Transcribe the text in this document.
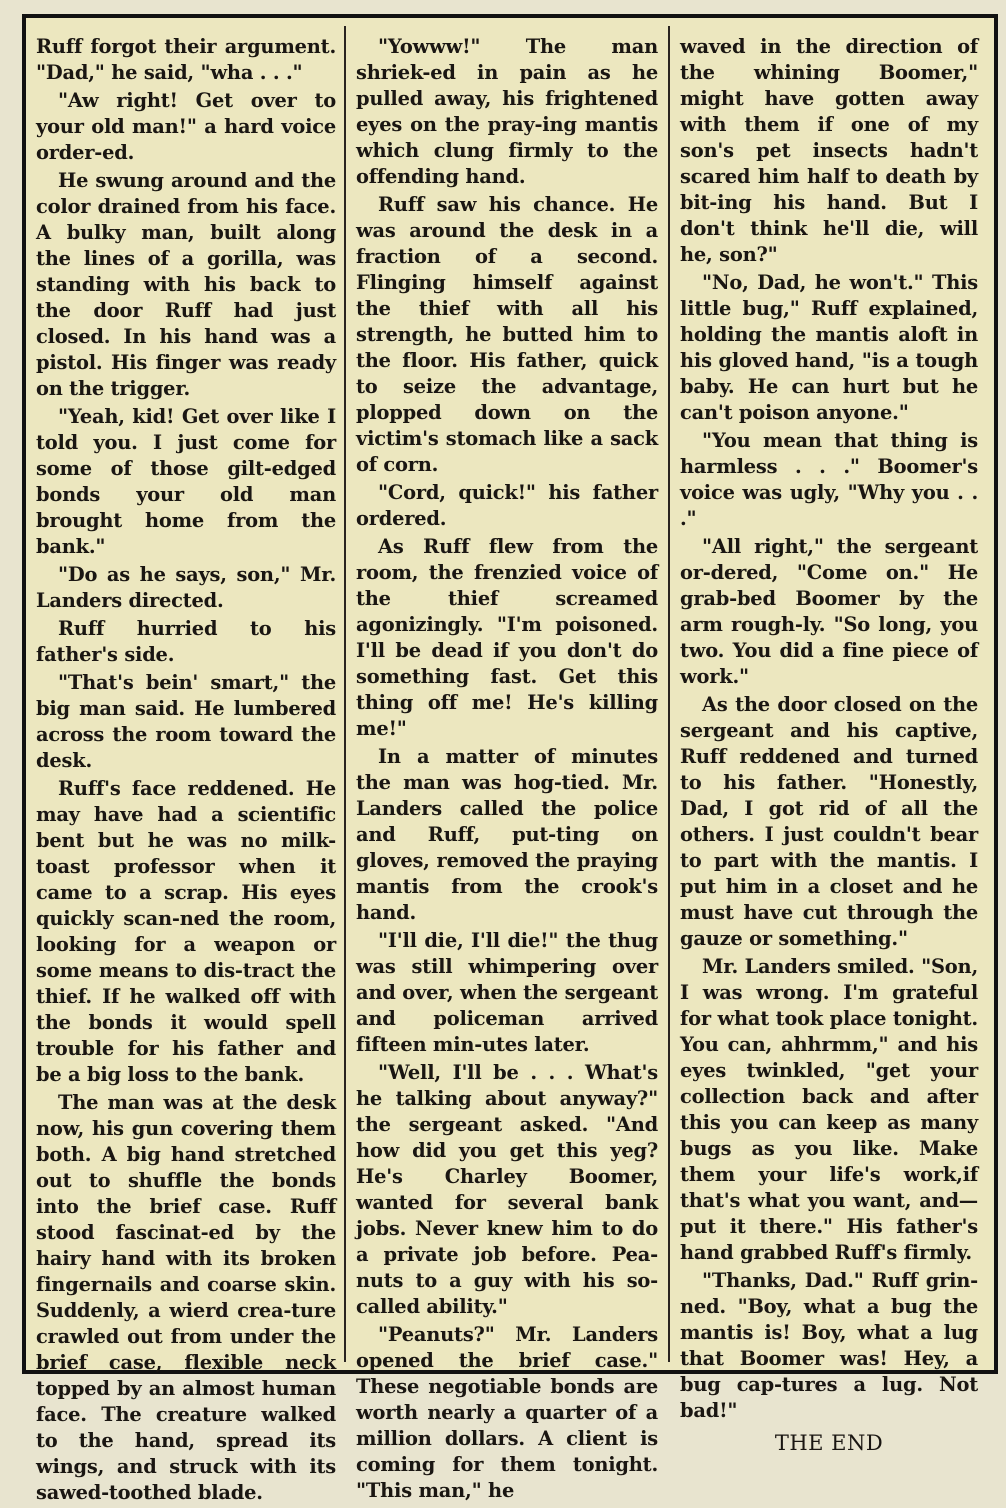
Ruff forgot their argument. "Dad," he said, "wha . . ."

"Aw right! Get over to your old man!" a hard voice order-ed.

He swung around and the color drained from his face. A bulky man, built along the lines of a gorilla, was standing with his back to the door Ruff had just closed. In his hand was a pistol. His finger was ready on the trigger.

"Yeah, kid! Get over like I told you. I just come for some of those gilt-edged bonds your old man brought home from the bank."

"Do as he says, son," Mr. Landers directed.

Ruff hurried to his father's side.

"That's bein' smart," the big man said. He lumbered across the room toward the desk.

Ruff's face reddened. He may have had a scientific bent but he was no milk-toast professor when it came to a scrap. His eyes quickly scan-ned the room, looking for a weapon or some means to dis-tract the thief. If he walked off with the bonds it would spell trouble for his father and be a big loss to the bank.

The man was at the desk now, his gun covering them both. A big hand stretched out to shuffle the bonds into the brief case. Ruff stood fascinat-ed by the hairy hand with its broken fingernails and coarse skin. Suddenly, a wierd crea-ture crawled out from under the brief case, flexible neck topped by an almost human face. The creature walked to the hand, spread its wings, and struck with its sawed-toothed blade.

"Yowww!" The man shriek-ed in pain as he pulled away, his frightened eyes on the pray-ing mantis which clung firmly to the offending hand.

Ruff saw his chance. He was around the desk in a fraction of a second. Flinging himself against the thief with all his strength, he butted him to the floor. His father, quick to seize the advantage, plopped down on the victim's stomach like a sack of corn.

"Cord, quick!" his father ordered.

As Ruff flew from the room, the frenzied voice of the thief screamed agonizingly. "I'm poisoned. I'll be dead if you don't do something fast. Get this thing off me! He's killing me!"

In a matter of minutes the man was hog-tied. Mr. Landers called the police and Ruff, put-ting on gloves, removed the praying mantis from the crook's hand.

"I'll die, I'll die!" the thug was still whimpering over and over, when the sergeant and policeman arrived fifteen min-utes later.

"Well, I'll be . . . What's he talking about anyway?" the sergeant asked. "And how did you get this yeg? He's Charley Boomer, wanted for several bank jobs. Never knew him to do a private job before. Pea-nuts to a guy with his so-called ability."

"Peanuts?" Mr. Landers opened the brief case." These negotiable bonds are worth nearly a quarter of a million dollars. A client is coming for them tonight. "This man," he

waved in the direction of the whining Boomer," might have gotten away with them if one of my son's pet insects hadn't scared him half to death by bit-ing his hand. But I don't think he'll die, will he, son?"

"No, Dad, he won't." This little bug," Ruff explained, holding the mantis aloft in his gloved hand, "is a tough baby. He can hurt but he can't poison anyone."

"You mean that thing is harmless . . ." Boomer's voice was ugly, "Why you . . ."

"All right," the sergeant or-dered, "Come on." He grab-bed Boomer by the arm rough-ly. "So long, you two. You did a fine piece of work."

As the door closed on the sergeant and his captive, Ruff reddened and turned to his father. "Honestly, Dad, I got rid of all the others. I just couldn't bear to part with the mantis. I put him in a closet and he must have cut through the gauze or something."

Mr. Landers smiled. "Son, I was wrong. I'm grateful for what took place tonight. You can, ahhrmm," and his eyes twinkled, "get your collection back and after this you can keep as many bugs as you like. Make them your life's work,if that's what you want, and—put it there." His father's hand grabbed Ruff's firmly.

"Thanks, Dad." Ruff grin-ned. "Boy, what a bug the mantis is! Boy, what a lug that Boomer was! Hey, a bug cap-tures a lug. Not bad!"

THE END
